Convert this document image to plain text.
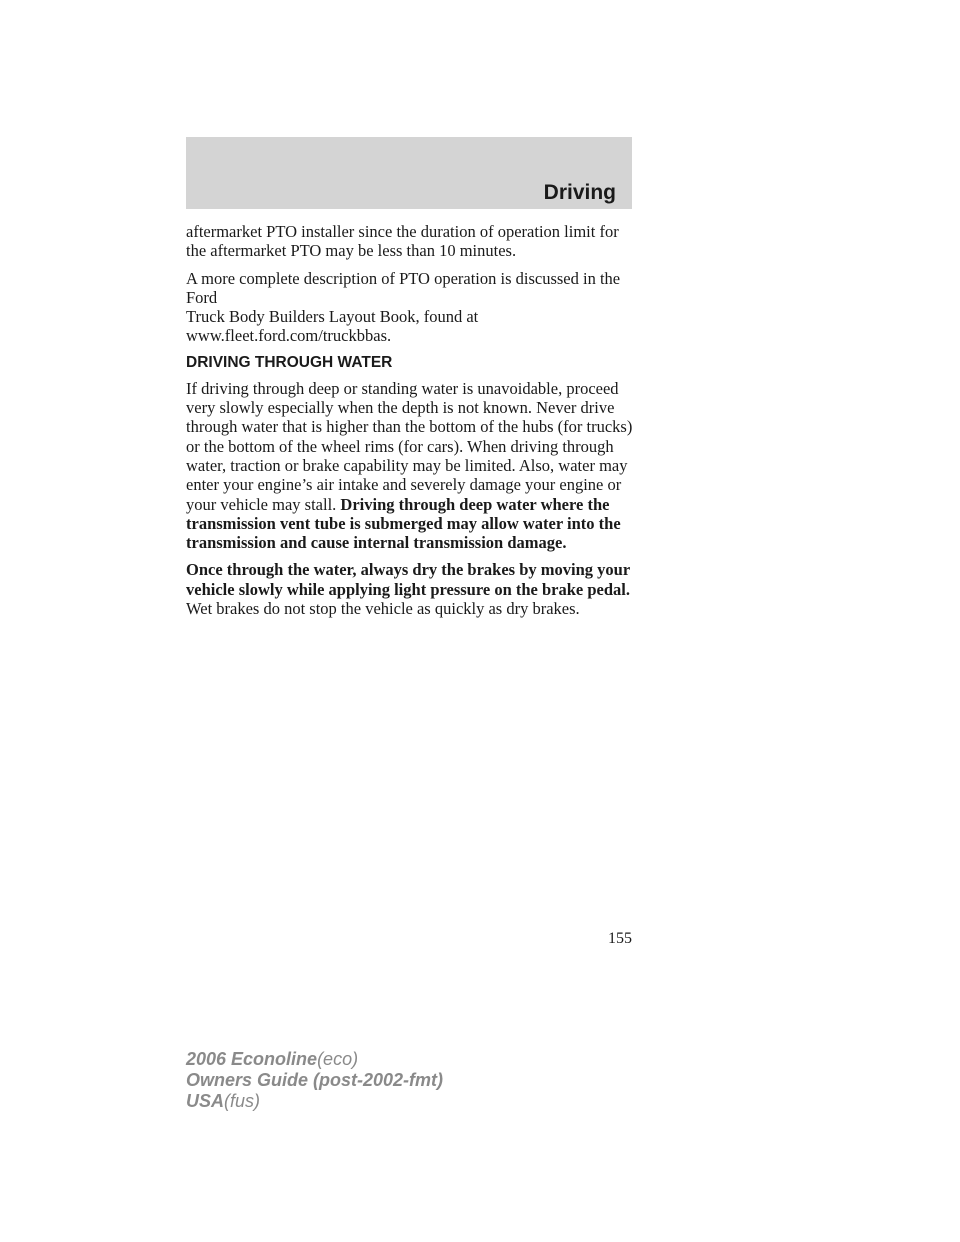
Driving

aftermarket PTO installer since the duration of operation limit for the aftermarket PTO may be less than 10 minutes.

A more complete description of PTO operation is discussed in the Ford
Truck Body Builders Layout Book, found at
www.fleet.ford.com/truckbbas.

DRIVING THROUGH WATER

If driving through deep or standing water is unavoidable, proceed very slowly especially when the depth is not known. Never drive through water that is higher than the bottom of the hubs (for trucks) or the bottom of the wheel rims (for cars). When driving through water, traction or brake capability may be limited. Also, water may enter your engine’s air intake and severely damage your engine or your vehicle may stall. Driving through deep water where the transmission vent tube is submerged may allow water into the transmission and cause internal transmission damage.

Once through the water, always dry the brakes by moving your vehicle slowly while applying light pressure on the brake pedal.
Wet brakes do not stop the vehicle as quickly as dry brakes.

155
2006 Econoline(eco)
Owners Guide (post-2002-fmt)
USA(fus)
